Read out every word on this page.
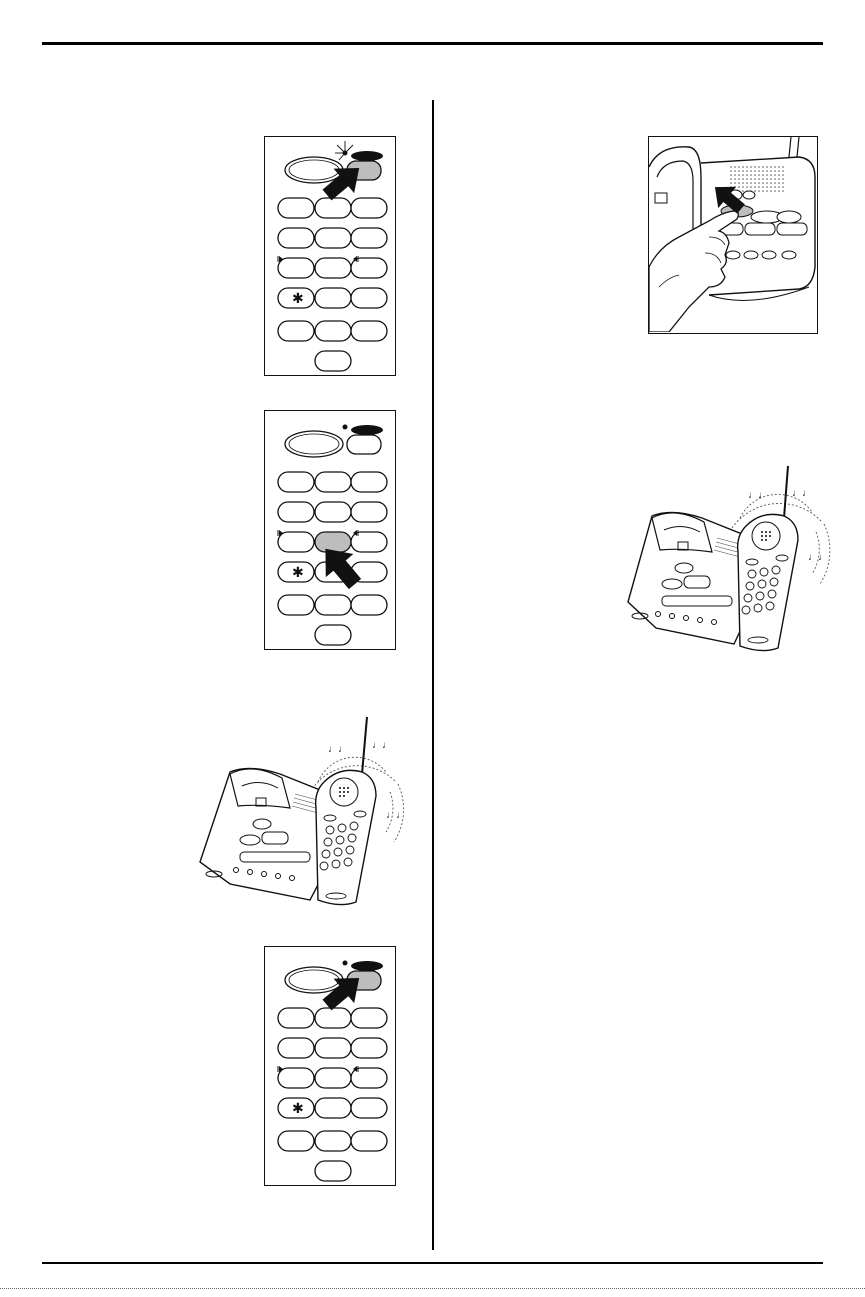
✱
✱
♩♩ ♩♩
♩♩
✱
♩♩ ♩♩
♩♩
